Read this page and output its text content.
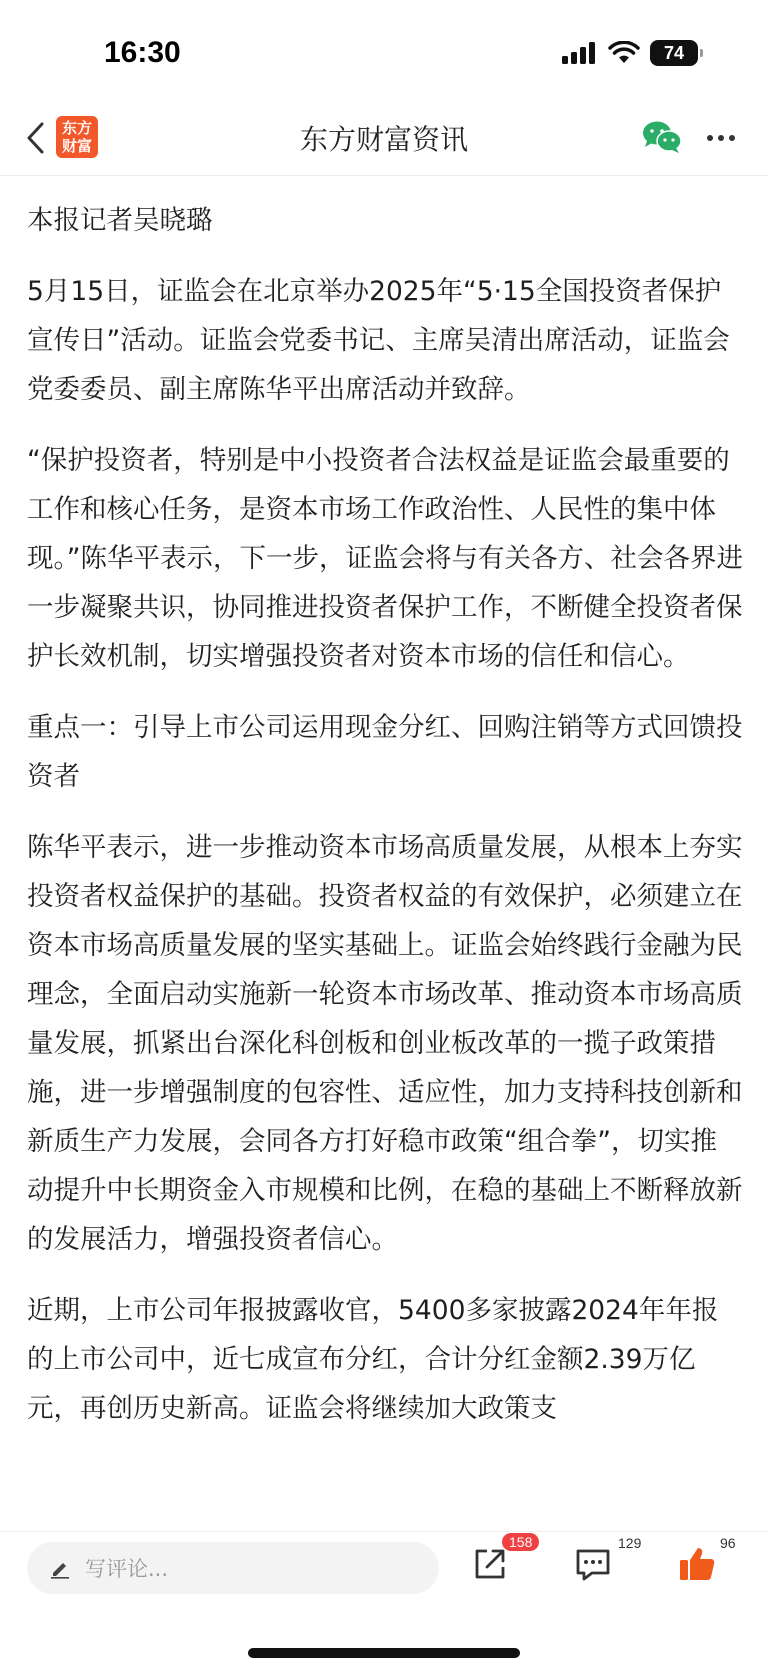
16:30	74
东方财富	东方财富资讯

本报记者吴晓璐

5月15日，证监会在北京举办2025年“5·15全国投资者保护宣传日”活动。证监会党委书记、主席吴清出席活动，证监会党委委员、副主席陈华平出席活动并致辞。

“保护投资者，特别是中小投资者合法权益是证监会最重要的工作和核心任务，是资本市场工作政治性、人民性的集中体现。”陈华平表示，下一步，证监会将与有关各方、社会各界进一步凝聚共识，协同推进投资者保护工作，不断健全投资者保护长效机制，切实增强投资者对资本市场的信任和信心。

重点一：引导上市公司运用现金分红、回购注销等方式回馈投资者

陈华平表示，进一步推动资本市场高质量发展，从根本上夯实投资者权益保护的基础。投资者权益的有效保护，必须建立在资本市场高质量发展的坚实基础上。证监会始终践行金融为民理念，全面启动实施新一轮资本市场改革、推动资本市场高质量发展，抓紧出台深化科创板和创业板改革的一揽子政策措施，进一步增强制度的包容性、适应性，加力支持科技创新和新质生产力发展，会同各方打好稳市政策“组合拳”，切实推动提升中长期资金入市规模和比例，在稳的基础上不断释放新的发展活力，增强投资者信心。

近期，上市公司年报披露收官，5400多家披露2024年年报的上市公司中，近七成宣布分红，合计分红金额2.39万亿元，再创历史新高。证监会将继续加大政策支

写评论...
158	129	96
